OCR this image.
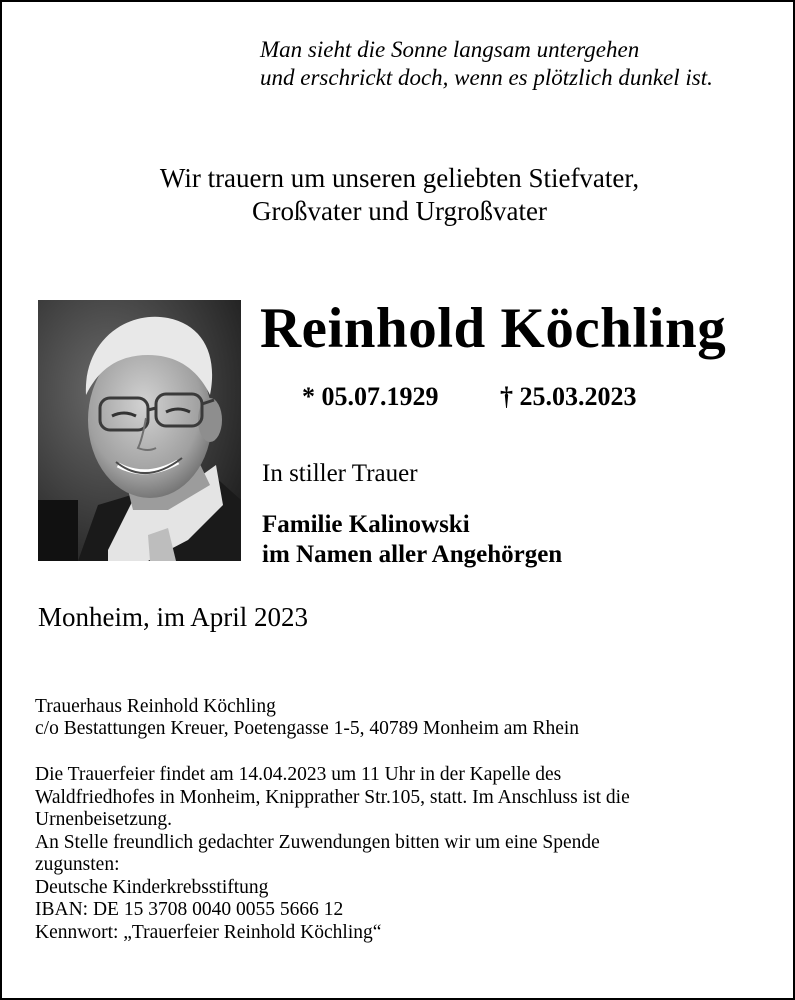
Man sieht die Sonne langsam untergehen
und erschrickt doch, wenn es plötzlich dunkel ist.
Wir trauern um unseren geliebten Stiefvater,
Großvater und Urgroßvater
Reinhold Köchling
* 05.07.1929 † 25.03.2023
In stiller Trauer
Familie Kalinowski
im Namen aller Angehörgen
Monheim, im April 2023
Trauerhaus Reinhold Köchling
c/o Bestattungen Kreuer, Poetengasse 1-5, 40789 Monheim am Rhein
Die Trauerfeier findet am 14.04.2023 um 11 Uhr in der Kapelle des
Waldfriedhofes in Monheim, Knipprather Str.105, statt. Im Anschluss ist die
Urnenbeisetzung.
An Stelle freundlich gedachter Zuwendungen bitten wir um eine Spende
zugunsten:
Deutsche Kinderkrebsstiftung
IBAN: DE 15 3708 0040 0055 5666 12
Kennwort: „Trauerfeier Reinhold Köchling“
